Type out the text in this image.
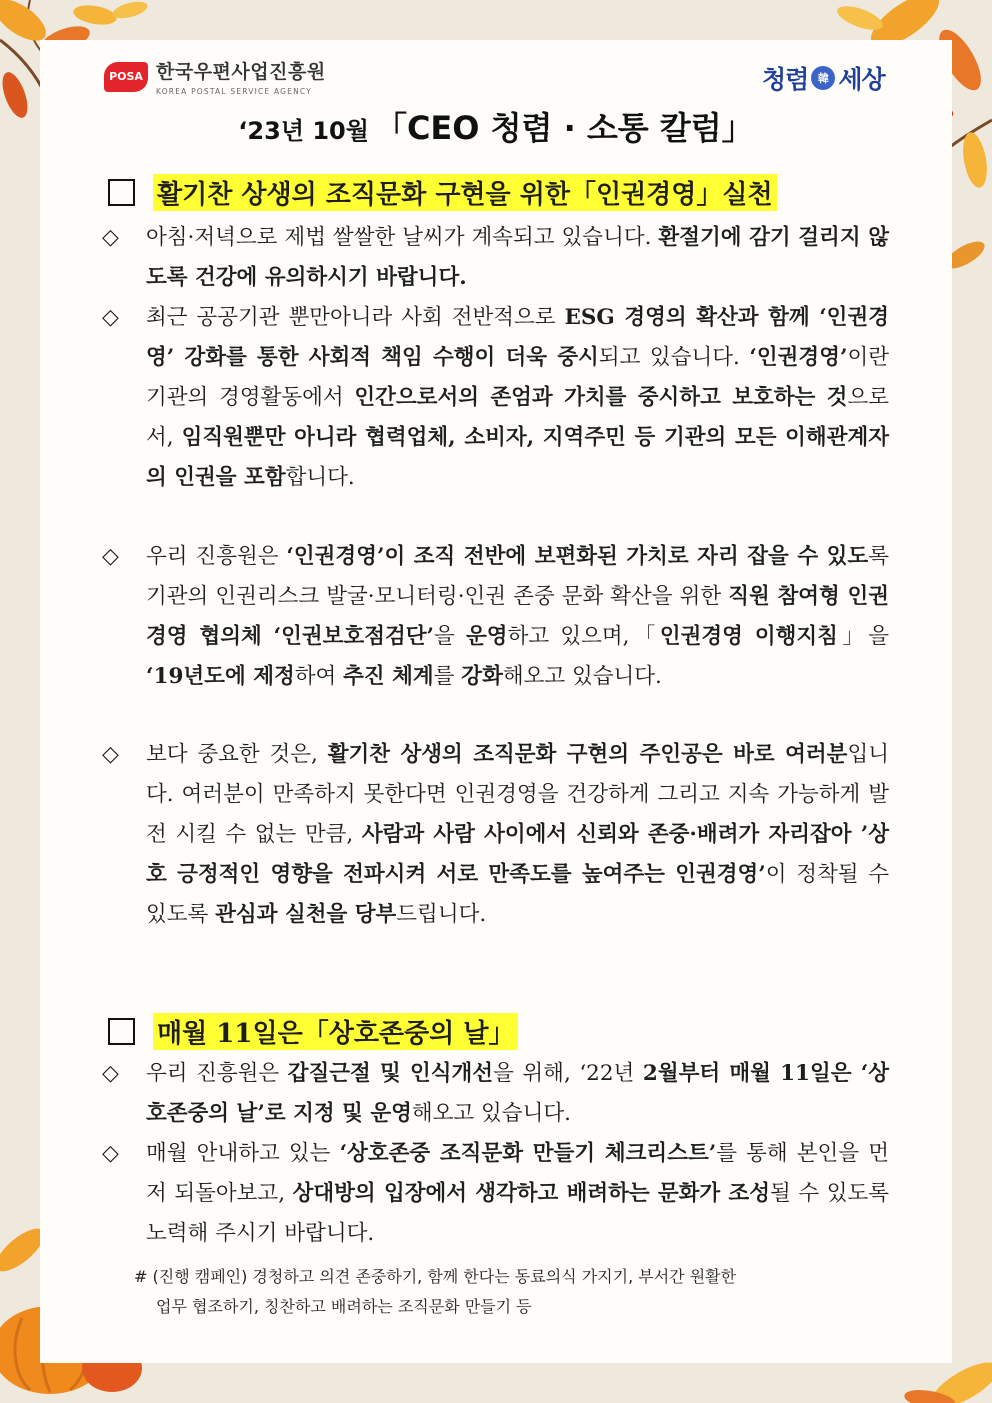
POSA 한국우편사업진흥원
KOREA POSTAL SERVICE AGENCY	청렴 韓 세상
‘23년 10월 「CEO 청렴 · 소통 칼럼」
활기찬 상생의 조직문화 구현을 위한「인권경영」실천
◇ 아침·저녁으로 제법 쌀쌀한 날씨가 계속되고 있습니다. 환절기에 감기 걸리지 않도록 건강에 유의하시기 바랍니다.
◇ 최근 공공기관 뿐만아니라 사회 전반적으로 ESG 경영의 확산과 함께 ‘인권경영’ 강화를 통한 사회적 책임 수행이 더욱 중시되고 있습니다. ‘인권경영’이란 기관의 경영활동에서 인간으로서의 존엄과 가치를 중시하고 보호하는 것으로서, 임직원뿐만 아니라 협력업체, 소비자, 지역주민 등 기관의 모든 이해관계자의 인권을 포함합니다.
◇ 우리 진흥원은 ‘인권경영’이 조직 전반에 보편화된 가치로 자리 잡을 수 있도록 기관의 인권리스크 발굴·모니터링·인권 존중 문화 확산을 위한 직원 참여형 인권경영 협의체 ‘인권보호점검단’을 운영하고 있으며,「인권경영 이행지침」을 ‘19년도에 제정하여 추진 체계를 강화해오고 있습니다.
◇ 보다 중요한 것은, 활기찬 상생의 조직문화 구현의 주인공은 바로 여러분입니다. 여러분이 만족하지 못한다면 인권경영을 건강하게 그리고 지속 가능하게 발전 시킬 수 없는 만큼, 사람과 사람 사이에서 신뢰와 존중·배려가 자리잡아 ’상호 긍정적인 영향을 전파시켜 서로 만족도를 높여주는 인권경영’이 정착될 수 있도록 관심과 실천을 당부드립니다.
매월 11일은「상호존중의 날」
◇ 우리 진흥원은 갑질근절 및 인식개선을 위해, ‘22년 2월부터 매월 11일은 ‘상호존중의 날’로 지정 및 운영해오고 있습니다.
◇ 매월 안내하고 있는 ‘상호존중 조직문화 만들기 체크리스트’를 통해 본인을 먼저 되돌아보고, 상대방의 입장에서 생각하고 배려하는 문화가 조성될 수 있도록 노력해 주시기 바랍니다.
# (진행 캠페인) 경청하고 의견 존중하기, 함께 한다는 동료의식 가지기, 부서간 원활한
업무 협조하기, 칭찬하고 배려하는 조직문화 만들기 등
